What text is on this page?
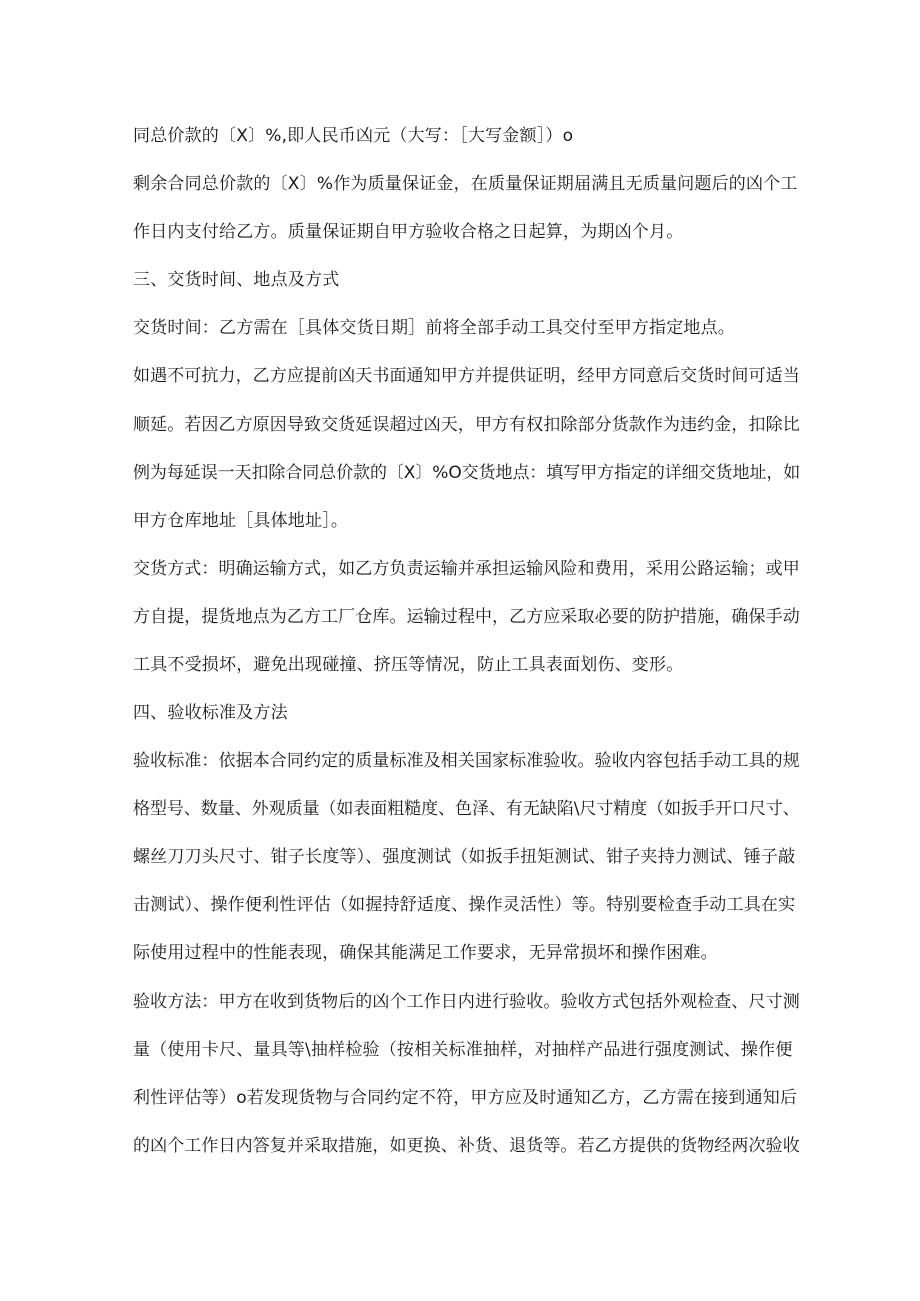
同总价款的〔X〕%,即人民币凶元（大写：［大写金额］）o
剩余合同总价款的〔X〕%作为质量保证金，在质量保证期届满且无质量问题后的凶个工
作日内支付给乙方。质量保证期自甲方验收合格之日起算，为期凶个月。
三、交货时间、地点及方式
交货时间：乙方需在［具体交货日期］前将全部手动工具交付至甲方指定地点。
如遇不可抗力，乙方应提前凶天书面通知甲方并提供证明，经甲方同意后交货时间可适当
顺延。若因乙方原因导致交货延误超过凶天，甲方有权扣除部分货款作为违约金，扣除比
例为每延误一天扣除合同总价款的〔X〕%O交货地点：填写甲方指定的详细交货地址，如
甲方仓库地址［具体地址］。
交货方式：明确运输方式，如乙方负责运输并承担运输风险和费用，采用公路运输；或甲
方自提，提货地点为乙方工厂仓库。运输过程中，乙方应采取必要的防护措施，确保手动
工具不受损坏，避免出现碰撞、挤压等情况，防止工具表面划伤、变形。
四、验收标准及方法
验收标准：依据本合同约定的质量标准及相关国家标准验收。验收内容包括手动工具的规
格型号、数量、外观质量（如表面粗糙度、色泽、有无缺陷\尺寸精度（如扳手开口尺寸、
螺丝刀刀头尺寸、钳子长度等）、强度测试（如扳手扭矩测试、钳子夹持力测试、锤子敲
击测试）、操作便利性评估（如握持舒适度、操作灵活性）等。特别要检查手动工具在实
际使用过程中的性能表现，确保其能满足工作要求，无异常损坏和操作困难。
验收方法：甲方在收到货物后的凶个工作日内进行验收。验收方式包括外观检查、尺寸测
量（使用卡尺、量具等\抽样检验（按相关标准抽样，对抽样产品进行强度测试、操作便
利性评估等）o若发现货物与合同约定不符，甲方应及时通知乙方，乙方需在接到通知后
的凶个工作日内答复并采取措施，如更换、补货、退货等。若乙方提供的货物经两次验收
